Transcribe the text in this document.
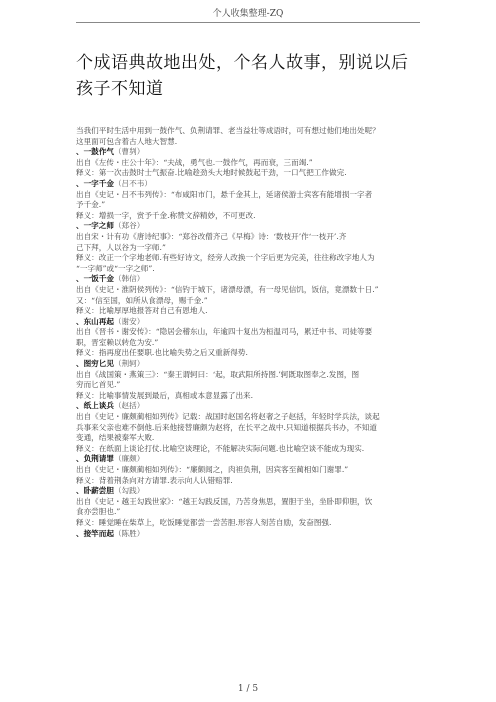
个人收集整理-ZQ
个成语典故地出处，个名人故事，别说以后孩子不知道
当我们平时生活中用到一鼓作气、负荆请罪、老当益壮等成语时，可有想过他们地出处呢？
这里面可包含着古人地大智慧.
、一鼓作气（曹刿）
出自《左传・庄公十年》：“夫战，勇气也.一鼓作气，再而衰，三而竭.”
释义：第一次击鼓时士气振奋.比喻趁劲头大地时候鼓起干劲，一口气把工作做完.
、一字千金（吕不韦）
出自《史记・吕不韦列传》：“布咸阳市门，悬千金其上，延诸侯游士宾客有能增损一字者
予千金.”
释义：增损一字，赏予千金.称赞文辞精妙，不可更改.
、一字之师（郑谷）
出自宋・计有功《唐诗纪事》：“郑谷改僧齐己《早梅》诗：‘数枝开’作‘一枝开’.齐
己下拜，人以谷为一字师.”
释义：改正一个字地老师.有些好诗文，经旁人改换一个字后更为完美，往往称改字地人为
“一字师”或“一字之师”.
、一饭千金（韩信）
出自《史记・淮阴侯列传》：“信钓于城下，诸漂母漂，有一母见信饥，饭信，竟漂数十日.”
又：“信至国，如所从食漂母，赐千金.”
释义：比喻厚厚地报答对自己有恩地人.
、东山再起（谢安）
出自《晋书・谢安传》：“隐居会稽东山，年逾四十复出为桓温司马，累迁中书、司徒等要
职，晋室赖以转危为安.”
释义：指再度出任要职.也比喻失势之后又重新得势.
、图穷匕见（荆轲）
出自《战国策・燕策三》：“秦王谓轲曰：‘起，取武阳所持图.’轲既取图奉之.发图，图
穷而匕首见.”
释义：比喻事情发展到最后，真相或本意显露了出来.
、纸上谈兵（赵括）
出自《史记・廉颇蔺相如列传》记载：战国时赵国名将赵奢之子赵括，年轻时学兵法，谈起
兵事来父亲也难不倒他.后来他接替廉颇为赵将，在长平之战中.只知道根据兵书办，不知道
变通，结果被秦军大败.
释义：在纸面上谈论打仗.比喻空谈理论，不能解决实际问题.也比喻空谈不能成为现实.
、负荆请罪（廉颇）
出自《史记・廉颇蔺相如列传》：“廉颇闻之，肉袒负荆，因宾客至蔺相如门谢罪.”
释义：背着荆条向对方请罪.表示向人认错赔罪.
、卧薪尝胆（勾践）
出自《史记・越王勾践世家》：“越王勾践反国，乃苦身焦思，置胆于坐，坐卧即仰胆，饮
食亦尝胆也.”
释义：睡觉睡在柴草上，吃饭睡觉都尝一尝苦胆.形容人刻苦自励，发奋图强.
、接竿而起（陈胜）
1 / 5
